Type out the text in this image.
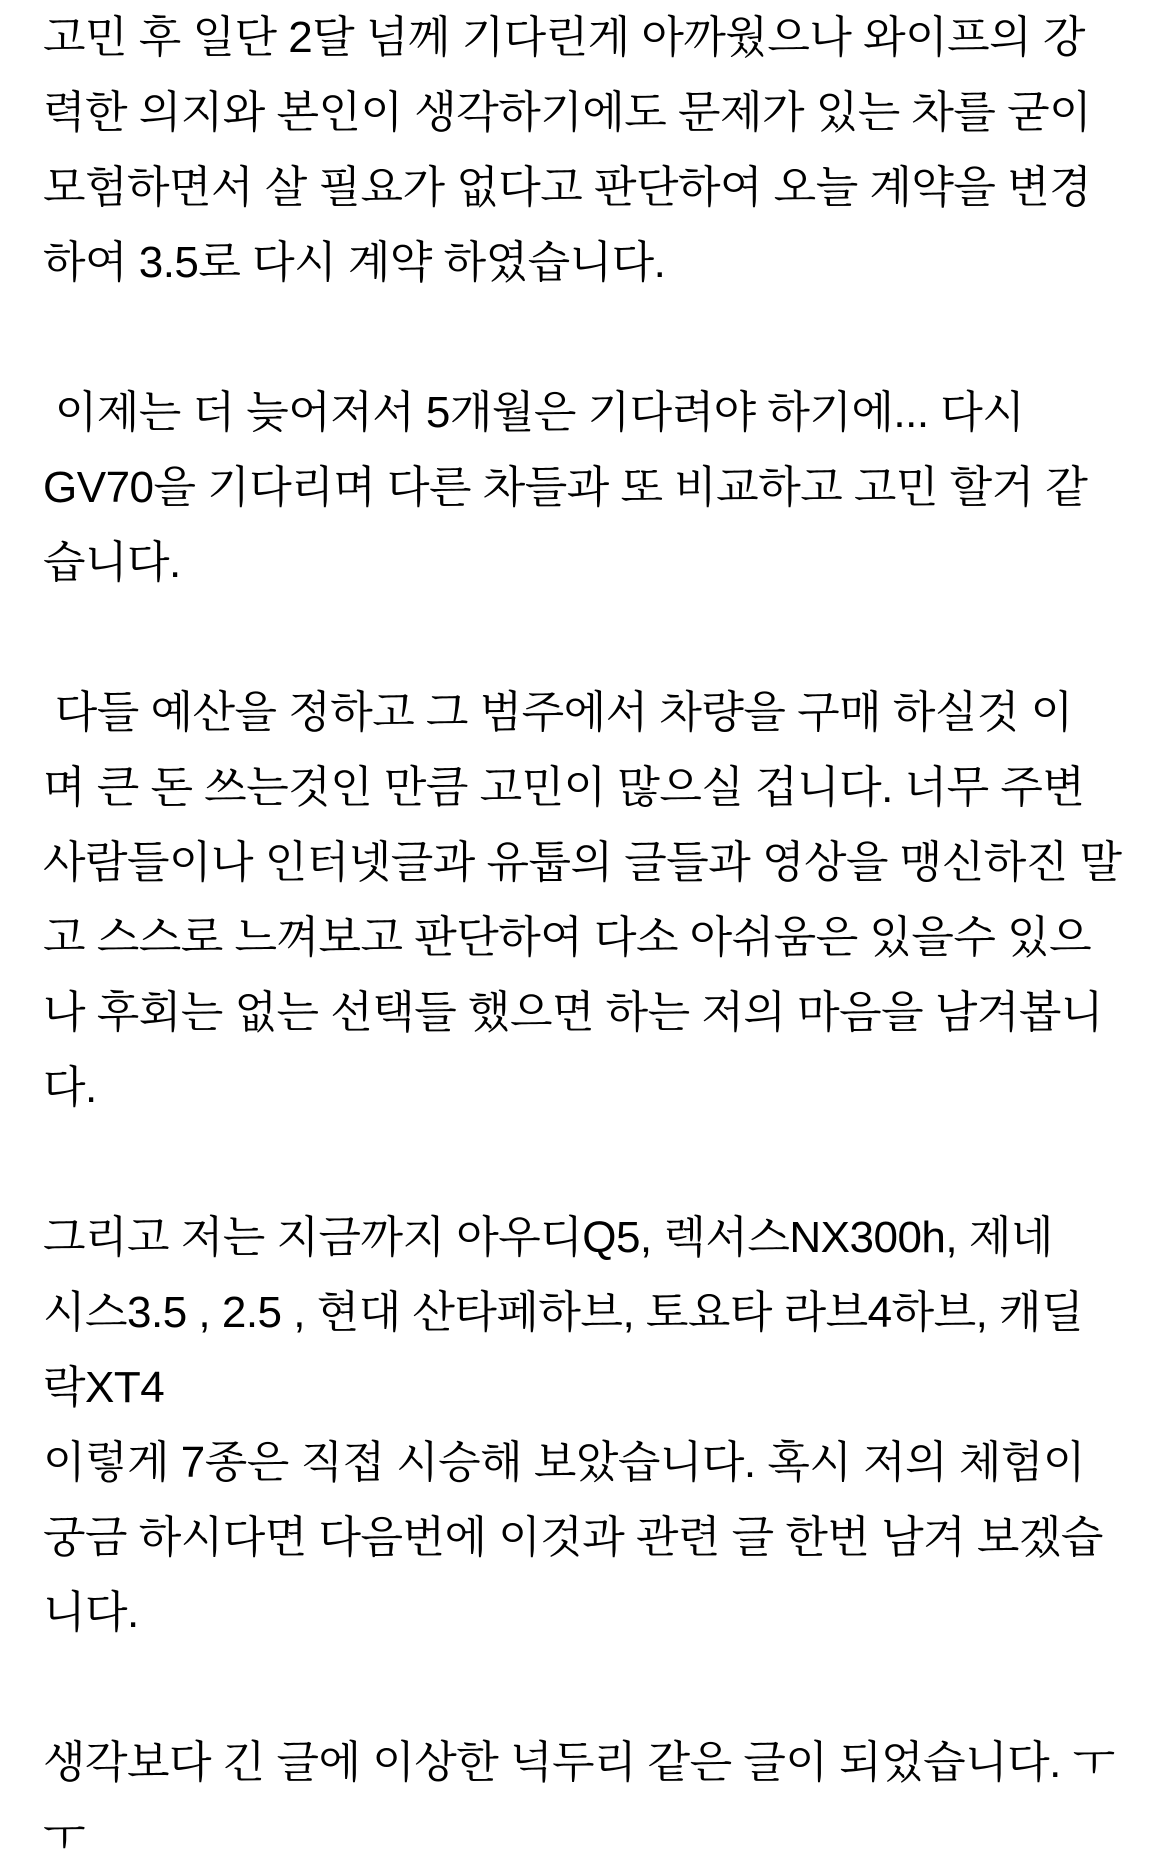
고민 후 일단 2달 넘께 기다린게 아까웠으나 와이프의 강
력한 의지와 본인이 생각하기에도 문제가 있는 차를 굳이
모험하면서 살 필요가 없다고 판단하여 오늘 계약을 변경
하여 3.5로 다시 계약 하였습니다.
이제는 더 늦어저서 5개월은 기다려야 하기에... 다시
GV70을 기다리며 다른 차들과 또 비교하고 고민 할거 같
습니다.
다들 예산을 정하고 그 범주에서 차량을 구매 하실것 이
며 큰 돈 쓰는것인 만큼 고민이 많으실 겁니다. 너무 주변
사람들이나 인터넷글과 유툽의 글들과 영상을 맹신하진 말
고 스스로 느껴보고 판단하여 다소 아쉬움은 있을수 있으
나 후회는 없는 선택들 했으면 하는 저의 마음을 남겨봅니
다.
그리고 저는 지금까지 아우디Q5, 렉서스NX300h, 제네
시스3.5 , 2.5 , 현대 산타페하브, 토요타 라브4하브, 캐딜
락XT4
이렇게 7종은 직접 시승해 보았습니다. 혹시 저의 체험이
궁금 하시다면 다음번에 이것과 관련 글 한번 남겨 보겠습
니다.
생각보다 긴 글에 이상한 넉두리 같은 글이 되었습니다. ㅜ
ㅜ
